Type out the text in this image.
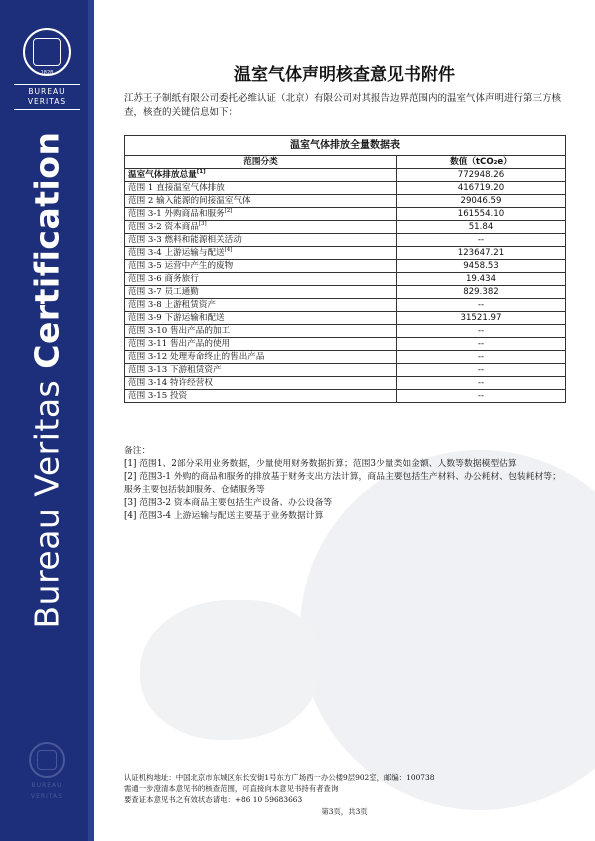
1828
BUREAU
VERITAS
Bureau Veritas Certification
BUREAU
VERITAS
温室气体声明核查意见书附件
江苏王子制纸有限公司委托必维认证（北京）有限公司对其报告边界范围内的温室气体声明进行第三方核查，核查的关键信息如下：
温室气体排放全量数据表	
范围分类	数值（tCO₂e）
温室气体排放总量[1]	772948.26
范围 1 直接温室气体排放	416719.20
范围 2 输入能源的间接温室气体	29046.59
范围 3-1 外购商品和服务[2]	161554.10
范围 3-2 资本商品[3]	51.84
范围 3-3 燃料和能源相关活动	--
范围 3-4 上游运输与配送[4]	123647.21
范围 3-5 运营中产生的废物	9458.53
范围 3-6 商务旅行	19.434
范围 3-7 员工通勤	829.382
范围 3-8 上游租赁资产	--
范围 3-9 下游运输和配送	31521.97
范围 3-10 售出产品的加工	--
范围 3-11 售出产品的使用	--
范围 3-12 处理寿命终止的售出产品	--
范围 3-13 下游租赁资产	--
范围 3-14 特许经营权	--
范围 3-15 投资	--

备注：

[1] 范围1、2部分采用业务数据，少量使用财务数据折算；范围3少量类如金额、人数等数据模型估算

[2] 范围3-1 外购的商品和服务的排放基于财务支出方法计算，商品主要包括生产材料、办公耗材、包装耗材等；服务主要包括装卸服务、仓储服务等

[3] 范围3-2 资本商品主要包括生产设备、办公设备等

[4] 范围3-4 上游运输与配送主要基于业务数据计算

认证机构地址：中国北京市东城区东长安街1号东方广场西一办公楼9层902室，邮编：100738

需通一步澄清本意见书的核查范围，可直接向本意见书持有者查询

要查证本意见书之有效状态请电：+86 10 59683663

第3页，共3页
